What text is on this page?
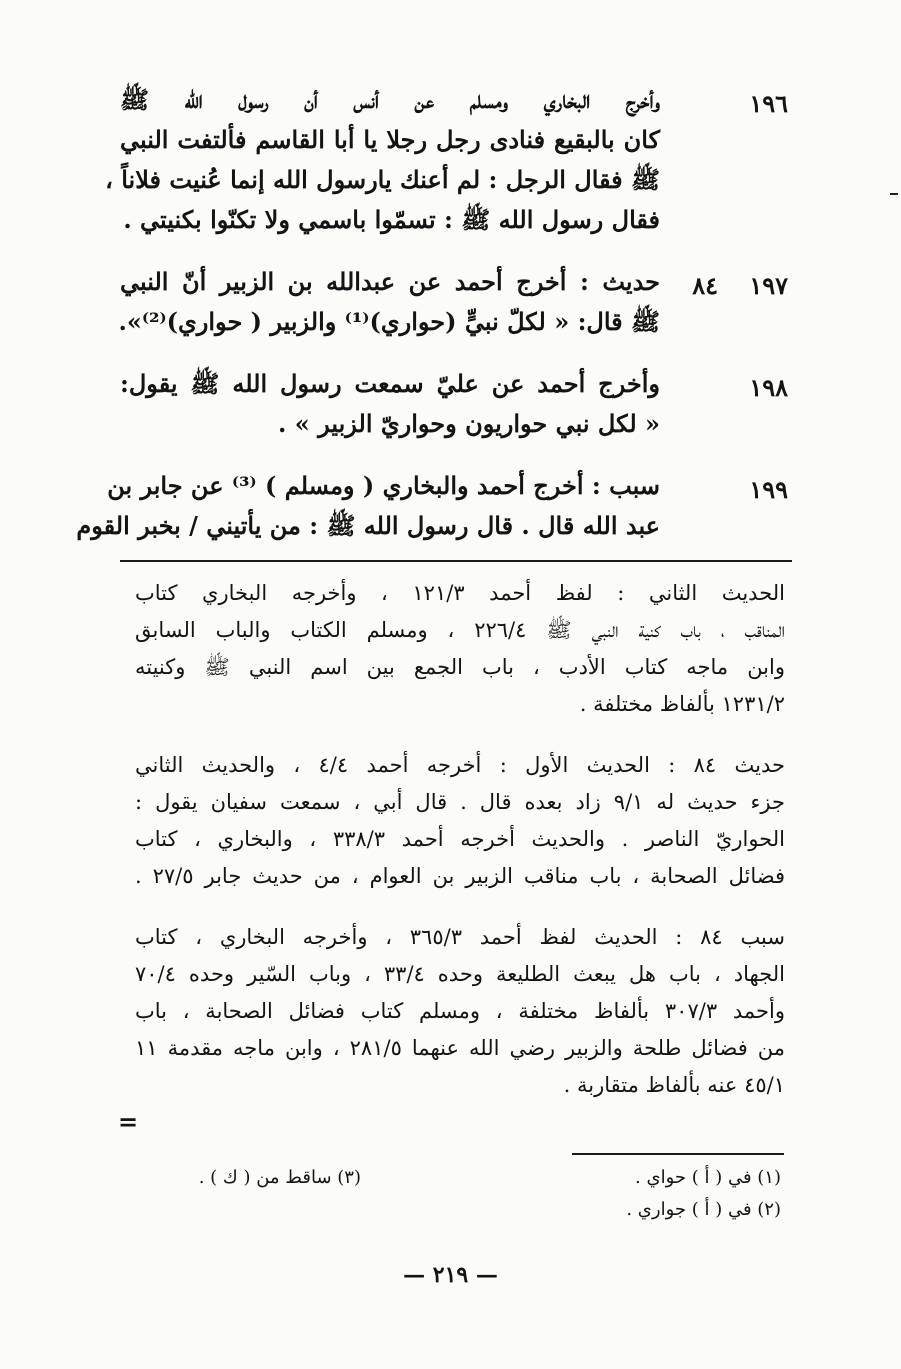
١٩٦
وأخرج البخاري ومسلم عن أنس أن رسول الله ﷺ
كان بالبقيع فنادى رجل رجلا يا أبا القاسم فألتفت النبي
ﷺ فقال الرجل : لم أعنك يارسول الله إنما عُنيت فلاناً ،
فقال رسول الله ﷺ : تسمّوا باسمي ولا تكنّوا بكنيتي .
١٩٧
٨٤
حديث : أخرج أحمد عن عبدالله بن الزبير أنّ النبي
ﷺ قال: « لكلّ نبيٍّ (حواري)⁽¹⁾ والزبير ( حواري)⁽²⁾».
١٩٨
وأخرج أحمد عن عليّ سمعت رسول الله ﷺ يقول:
« لكل نبي حواريون وحواريّ الزبير » .
١٩٩
سبب : أخرج أحمد والبخاري ( ومسلم ) ⁽³⁾ عن جابر بن
عبد الله قال . قال رسول الله ﷺ : من يأتيني / بخبر القوم
الحديث الثاني : لفظ أحمد ١٢١/٣ ، وأخرجه البخاري كتاب
المناقب ، باب كنية النبي ﷺ ٢٢٦/٤ ، ومسلم الكتاب والباب السابق
وابن ماجه كتاب الأدب ، باب الجمع بين اسم النبي ﷺ وكنيته
١٢٣١/٢ بألفاظ مختلفة .
حديث ٨٤ : الحديث الأول : أخرجه أحمد ٤/٤ ، والحديث الثاني
جزء حديث له ٩/١ زاد بعده قال . قال أبي ، سمعت سفيان يقول :
الحواريّ الناصر . والحديث أخرجه أحمد ٣٣٨/٣ ، والبخاري ، كتاب
فضائل الصحابة ، باب مناقب الزبير بن العوام ، من حديث جابر ٢٧/٥ .
سبب ٨٤ : الحديث لفظ أحمد ٣٦٥/٣ ، وأخرجه البخاري ، كتاب
الجهاد ، باب هل يبعث الطليعة وحده ٣٣/٤ ، وباب السّير وحده ٧٠/٤
وأحمد ٣٠٧/٣ بألفاظ مختلفة ، ومسلم كتاب فضائل الصحابة ، باب
من فضائل طلحة والزبير رضي الله عنهما ٢٨١/٥ ، وابن ماجه مقدمة ١١
٤٥/١ عنه بألفاظ متقاربة .
=
(١) في ( أ ) حواي .
(٣) ساقط من ( ك ) .
(٢) في ( أ ) جواري .
— ٢١٩ —
